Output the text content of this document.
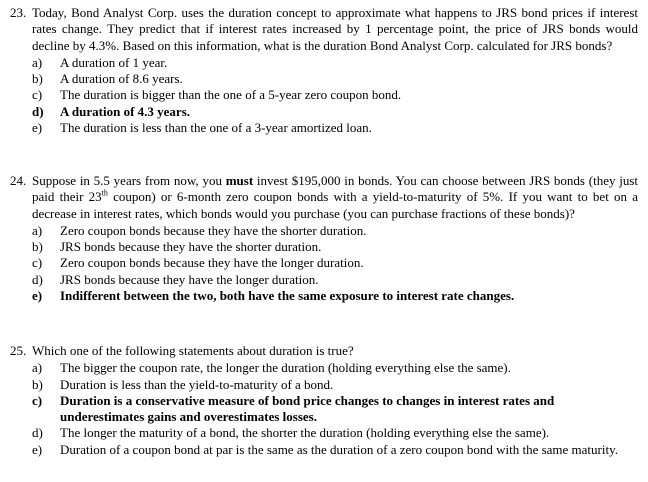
23. Today, Bond Analyst Corp. uses the duration concept to approximate what happens to JRS bond prices if interest rates change. They predict that if interest rates increased by 1 percentage point, the price of JRS bonds would decline by 4.3%. Based on this information, what is the duration Bond Analyst Corp. calculated for JRS bonds?
a)	A duration of 1 year.
b)	A duration of 8.6 years.
c)	The duration is bigger than the one of a 5-year zero coupon bond.
d)	A duration of 4.3 years.
e)	The duration is less than the one of a 3-year amortized loan.
24. Suppose in 5.5 years from now, you must invest $195,000 in bonds. You can choose between JRS bonds (they just paid their 23th coupon) or 6-month zero coupon bonds with a yield-to-maturity of 5%. If you want to bet on a decrease in interest rates, which bonds would you purchase (you can purchase fractions of these bonds)?
a)	Zero coupon bonds because they have the shorter duration.
b)	JRS bonds because they have the shorter duration.
c)	Zero coupon bonds because they have the longer duration.
d)	JRS bonds because they have the longer duration.
e)	Indifferent between the two, both have the same exposure to interest rate changes.
25. Which one of the following statements about duration is true?
a)	The bigger the coupon rate, the longer the duration (holding everything else the same).
b)	Duration is less than the yield-to-maturity of a bond.
c)	Duration is a conservative measure of bond price changes to changes in interest rates and underestimates gains and overestimates losses.
d)	The longer the maturity of a bond, the shorter the duration (holding everything else the same).
e)	Duration of a coupon bond at par is the same as the duration of a zero coupon bond with the same maturity.
